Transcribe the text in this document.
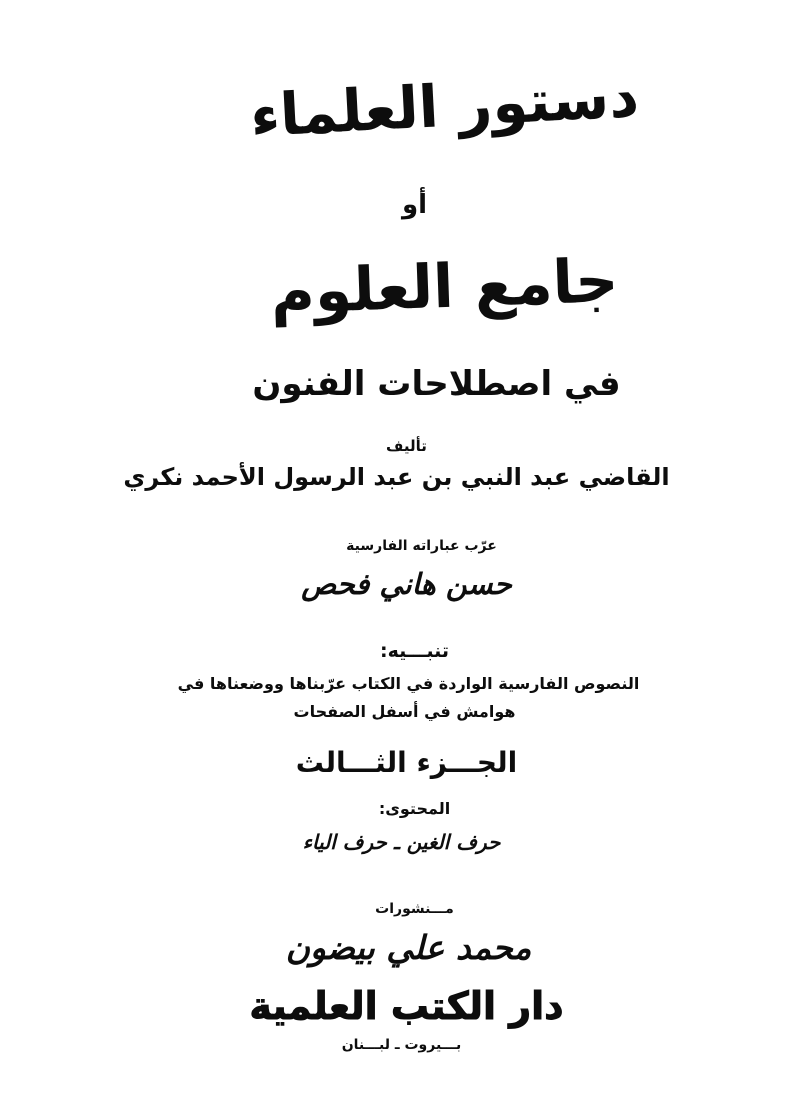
دستور العلماء
أو
جامع العلوم
في اصطلاحات الفنون
تأليف
القاضي عبد النبي بن عبد الرسول الأحمد نكري
عرّب عباراته الفارسية
حسن هاني فحص
تنبـــيه:
النصوص الفارسية الواردة في الكتاب عرّبناها ووضعناها في
هوامش في أسفل الصفحات
الجـــزء الثـــالث
المحتوى:
حرف الغين ـ حرف الياء
مـــنشورات
محمد علي بيضون
دار الكتب العلمية
بـــيروت ـ لبـــنان
